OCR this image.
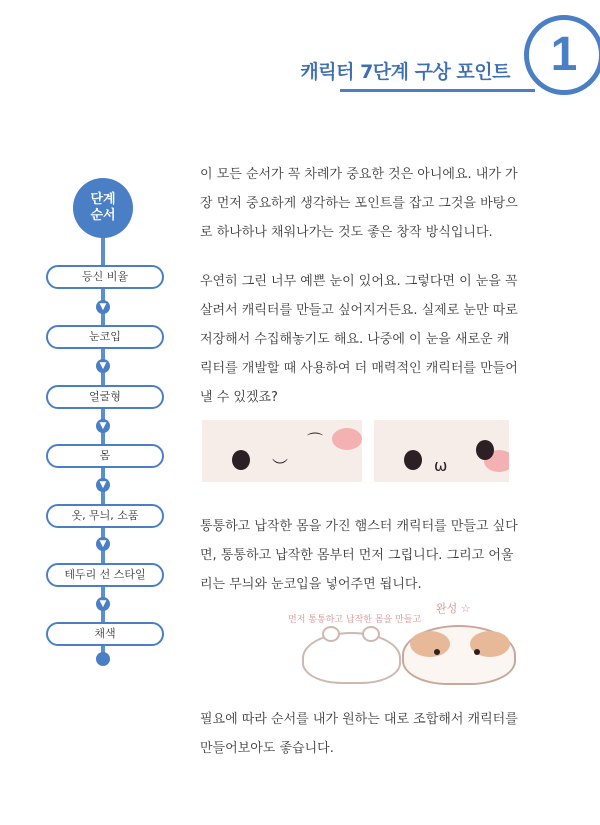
캐릭터 7단계 구상 포인트 1
단계
순서
등신 비율
▼
눈코입
▼
얼굴형
▼
몸
▼
옷, 무늬, 소품
▼
테두리 선 스타일
▼
채색
이 모든 순서가 꼭 차례가 중요한 것은 아니에요. 내가 가장 먼저 중요하게 생각하는 포인트를 잡고 그것을 바탕으로 하나하나 채워나가는 것도 좋은 창작 방식입니다.
우연히 그린 너무 예쁜 눈이 있어요. 그렇다면 이 눈을 꼭 살려서 캐릭터를 만들고 싶어지거든요. 실제로 눈만 따로 저장해서 수집해놓기도 해요. 나중에 이 눈을 새로운 캐릭터를 개발할 때 사용하여 더 매력적인 캐릭터를 만들어낼 수 있겠죠?
︶
⌒
ω
통통하고 납작한 몸을 가진 햄스터 캐릭터를 만들고 싶다면, 통통하고 납작한 몸부터 먼저 그립니다. 그리고 어울리는 무늬와 눈코입을 넣어주면 됩니다.
먼저 통통하고 납작한 몸을 만들고
완성 ☆
필요에 따라 순서를 내가 원하는 대로 조합해서 캐릭터를 만들어보아도 좋습니다.
